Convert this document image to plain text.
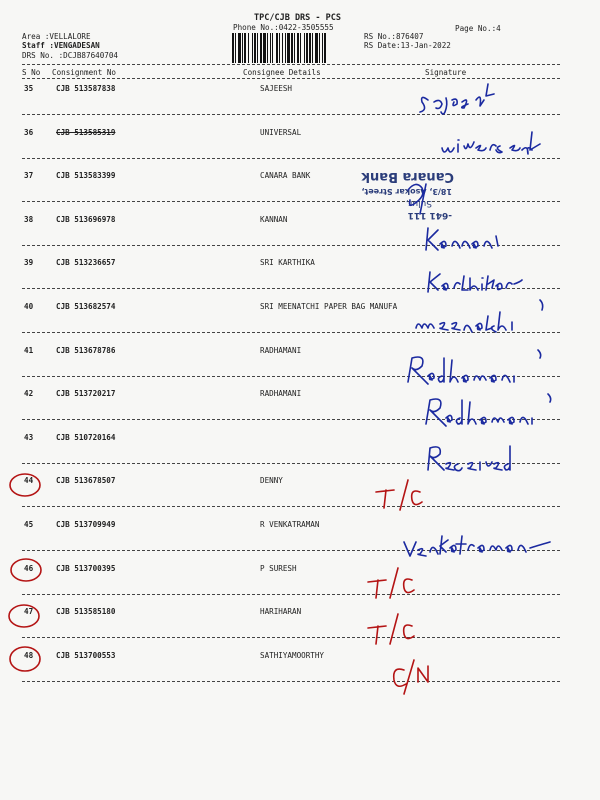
TPC/CJB DRS - PCS
Phone No.:0422-3505555	Page No.:4
Area :VELLALORE
Staff :VENGADESAN
DRS No. :DCJB87640704
RS No.:876407
RS Date:13-Jan-2022
S No Consignment No	Consignee Details	Signature
35	CJB 513587838	SAJEESH
36	CJB 513585319	UNIVERSAL
37	CJB 513583399	CANARA BANK
38	CJB 513696978	KANNAN
39	CJB 513236657	SRI KARTHIKA
40	CJB 513682574	SRI MEENATCHI PAPER BAG MANUFA
41	CJB 513678786	RADHAMANI
42	CJB 513720217	RADHAMANI
43	CJB 510720164
44	CJB 513678507	DENNY
45	CJB 513709949	R VENKATRAMAN
46	CJB 513700395	P SURESH
47	CJB 513585180	HARIHARAN
48	CJB 513700553	SATHIYAMOORTHY
-641 111
Sulur,
18/3, Asokar Street,
Canara Bank
